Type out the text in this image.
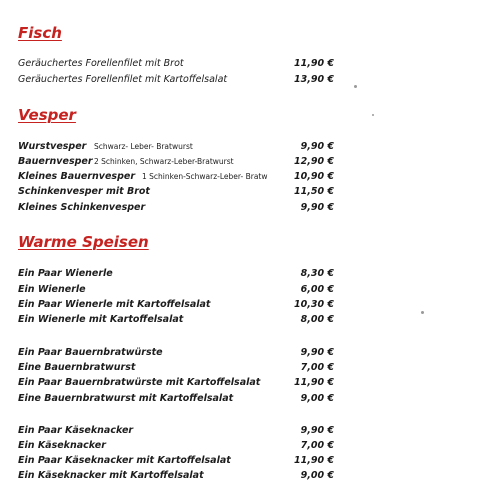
Fisch
Geräuchertes Forellenfilet mit Brot	11,90 €
Geräuchertes Forellenfilet mit Kartoffelsalat	13,90 €
Vesper
Wurstvesper Schwarz- Leber- Bratwurst	9,90 €
Bauernvesper 2 Schinken, Schwarz-Leber-Bratwurst	12,90 €
Kleines Bauernvesper 1 Schinken-Schwarz-Leber- Bratw	10,90 €
Schinkenvesper mit Brot	11,50 €
Kleines Schinkenvesper	9,90 €
Warme Speisen
Ein Paar Wienerle	8,30 €
Ein Wienerle	6,00 €
Ein Paar Wienerle mit Kartoffelsalat	10,30 €
Ein Wienerle mit Kartoffelsalat	8,00 €
Ein Paar Bauernbratwürste	9,90 €
Eine Bauernbratwurst	7,00 €
Ein Paar Bauernbratwürste mit Kartoffelsalat	11,90 €
Eine Bauernbratwurst mit Kartoffelsalat	9,00 €
Ein Paar Käseknacker	9,90 €
Ein Käseknacker	7,00 €
Ein Paar Käseknacker mit Kartoffelsalat	11,90 €
Ein Käseknacker mit Kartoffelsalat	9,00 €
